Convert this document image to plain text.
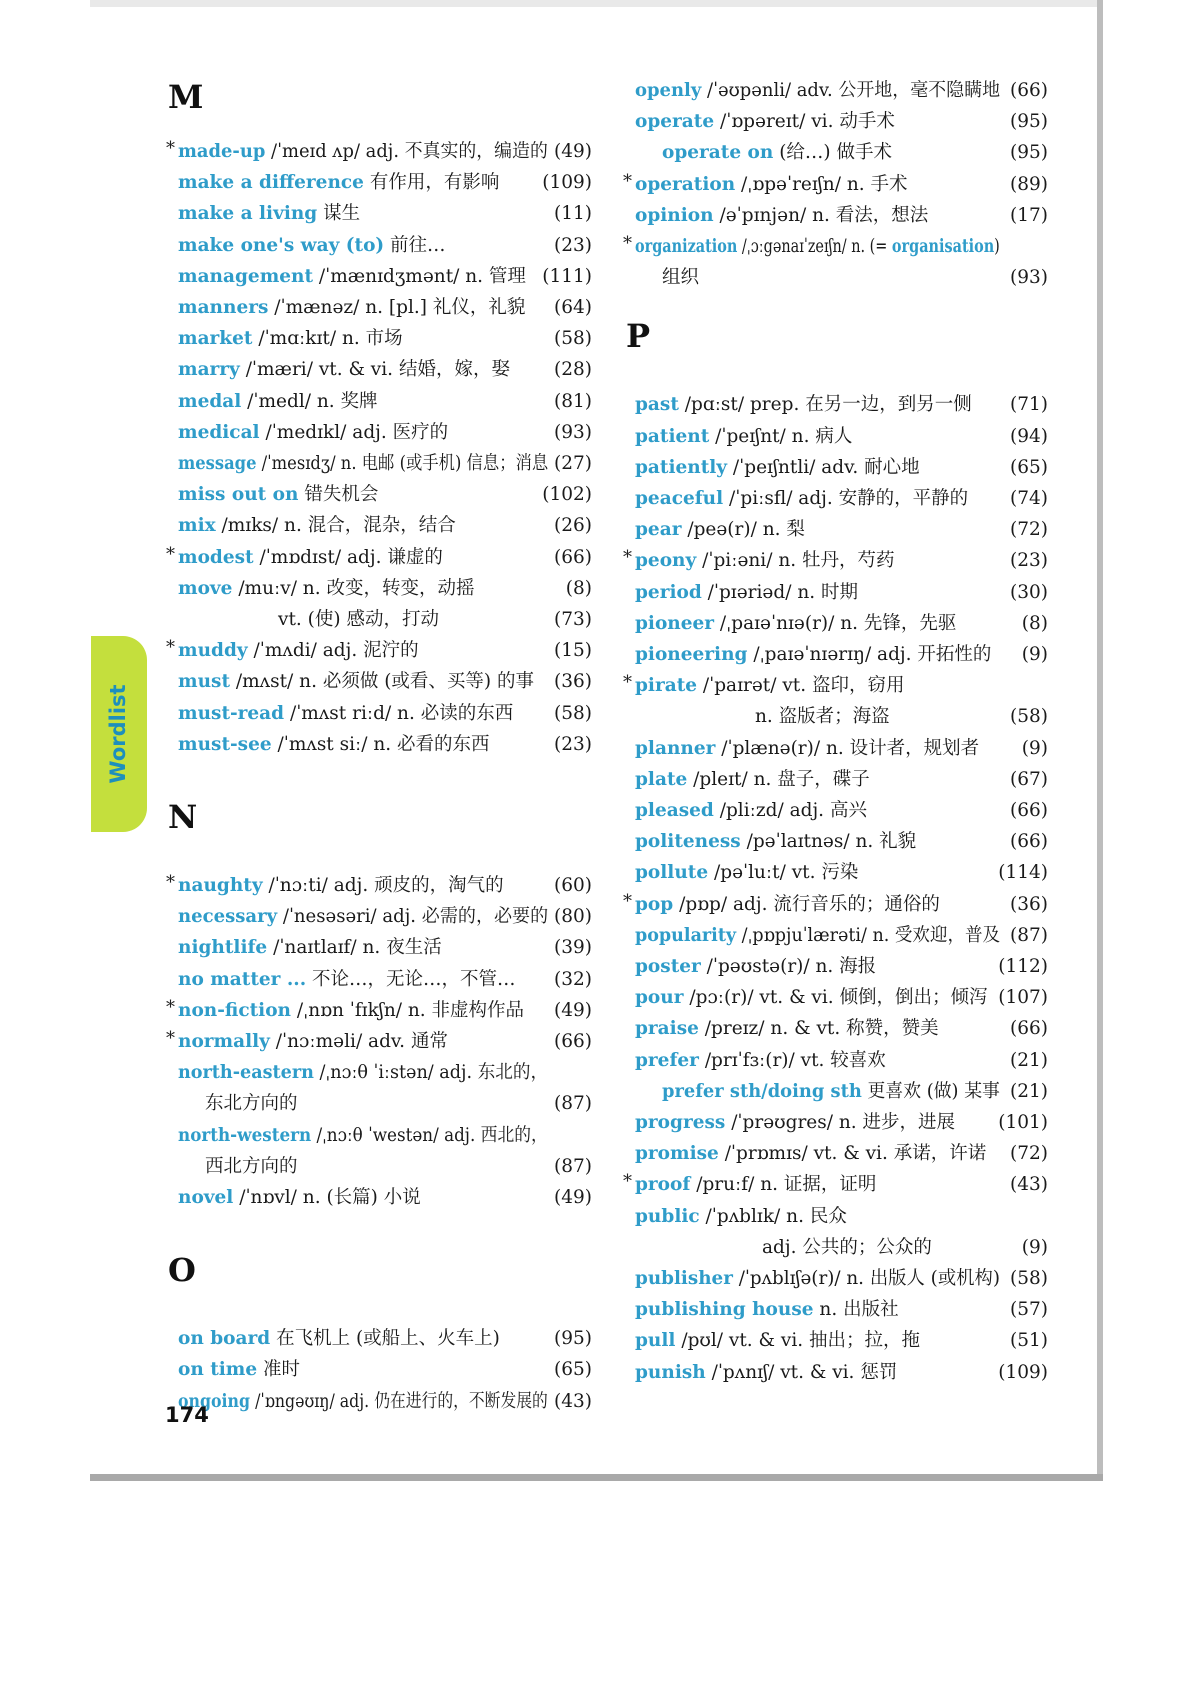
Wordlist
M
* made-up /ˈmeɪd ʌp/ adj. 不真实的，编造的
make a difference 有作用，有影响
make a living 谋生
make one's way (to) 前往…
management /ˈmænɪdʒmənt/ n. 管理
manners /ˈmænəz/ n. [pl.] 礼仪，礼貌
market /ˈmɑːkɪt/ n. 市场
marry /ˈmæri/ vt. & vi. 结婚，嫁，娶
medal /ˈmedl/ n. 奖牌
medical /ˈmedɪkl/ adj. 医疗的
message /ˈmesɪdʒ/ n. 电邮 (或手机) 信息；消息
miss out on 错失机会
mix /mɪks/ n. 混合，混杂，结合
* modest /ˈmɒdɪst/ adj. 谦虚的
move /muːv/ n. 改变，转变，动摇
vt. (使) 感动，打动
* muddy /ˈmʌdi/ adj. 泥泞的
must /mʌst/ n. 必须做 (或看、买等) 的事
must-read /ˈmʌst riːd/ n. 必读的东西
must-see /ˈmʌst siː/ n. 必看的东西
N
* naughty /ˈnɔːti/ adj. 顽皮的，淘气的
necessary /ˈnesəsəri/ adj. 必需的，必要的
nightlife /ˈnaɪtlaɪf/ n. 夜生活
no matter ... 不论…，无论…，不管…
* non-fiction /ˌnɒn ˈfɪkʃn/ n. 非虚构作品
* normally /ˈnɔːməli/ adv. 通常
north-eastern /ˌnɔːθ ˈiːstən/ adj. 东北的，
东北方向的
north-western /ˌnɔːθ ˈwestən/ adj. 西北的，
西北方向的
novel /ˈnɒvl/ n. (长篇) 小说
O
on board 在飞机上 (或船上、火车上)
on time 准时
ongoing /ˈɒngəʊɪŋ/ adj. 仍在进行的，不断发展的
openly /ˈəʊpənli/ adv. 公开地，毫不隐瞒地
operate /ˈɒpəreɪt/ vi. 动手术
operate on (给…) 做手术
* operation /ˌɒpəˈreɪʃn/ n. 手术
opinion /əˈpɪnjən/ n. 看法，想法
* organization /ˌɔːgənaɪˈzeɪʃn/ n. (= organisation)
组织
P
past /pɑːst/ prep. 在另一边，到另一侧
patient /ˈpeɪʃnt/ n. 病人
patiently /ˈpeɪʃntli/ adv. 耐心地
peaceful /ˈpiːsfl/ adj. 安静的，平静的
pear /peə(r)/ n. 梨
* peony /ˈpiːəni/ n. 牡丹，芍药
period /ˈpɪəriəd/ n. 时期
pioneer /ˌpaɪəˈnɪə(r)/ n. 先锋，先驱
pioneering /ˌpaɪəˈnɪərɪŋ/ adj. 开拓性的
* pirate /ˈpaɪrət/ vt. 盗印，窃用
n. 盗版者；海盗
planner /ˈplænə(r)/ n. 设计者，规划者
plate /pleɪt/ n. 盘子，碟子
pleased /pliːzd/ adj. 高兴
politeness /pəˈlaɪtnəs/ n. 礼貌
pollute /pəˈluːt/ vt. 污染
* pop /pɒp/ adj. 流行音乐的；通俗的
popularity /ˌpɒpjuˈlærəti/ n. 受欢迎，普及
poster /ˈpəʊstə(r)/ n. 海报
pour /pɔː(r)/ vt. & vi. 倾倒，倒出；倾泻
praise /preɪz/ n. & vt. 称赞，赞美
prefer /prɪˈfɜː(r)/ vt. 较喜欢
prefer sth/doing sth 更喜欢 (做) 某事
progress /ˈprəʊgres/ n. 进步，进展
promise /ˈprɒmɪs/ vt. & vi. 承诺，许诺
* proof /pruːf/ n. 证据，证明
public /ˈpʌblɪk/ n. 民众
adj. 公共的；公众的
publisher /ˈpʌblɪʃə(r)/ n. 出版人 (或机构)
publishing house n. 出版社
pull /pʊl/ vt. & vi. 抽出；拉，拖
punish /ˈpʌnɪʃ/ vt. & vi. 惩罚
174
(49)
(109)
(11)
(23)
(111)
(64)
(58)
(28)
(81)
(93)
(27)
(102)
(26)
(66)
(8)
(73)
(15)
(36)
(58)
(23)
(60)
(80)
(39)
(32)
(49)
(66)
(87)
(87)
(49)
(95)
(65)
(43)
(66)
(95)
(95)
(89)
(17)
(93)
(71)
(94)
(65)
(74)
(72)
(23)
(30)
(8)
(9)
(58)
(9)
(67)
(66)
(66)
(114)
(36)
(87)
(112)
(107)
(66)
(21)
(21)
(101)
(72)
(43)
(9)
(58)
(57)
(51)
(109)
